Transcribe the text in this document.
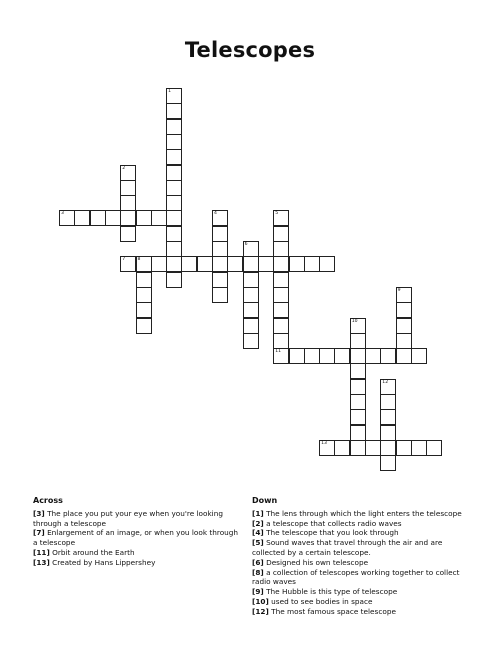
Telescopes
1
2
3	4	5
11
6
7	8
9
10
12
13
Across

[3] The place you put your eye when you're looking through a telescope

[7] Enlargement of an image, or when you look through a telescope

[11] Orbit around the Earth

[13] Created by Hans Lippershey

Down

[1] The lens through which the light enters the telescope

[2] a telescope that collects radio waves

[4] The telescope that you look through

[5] Sound waves that travel through the air and are collected by a certain telescope.

[6] Designed his own telescope

[8] a collection of telescopes working together to collect radio waves

[9] The Hubble is this type of telescope

[10] used to see bodies in space

[12] The most famous space telescope
